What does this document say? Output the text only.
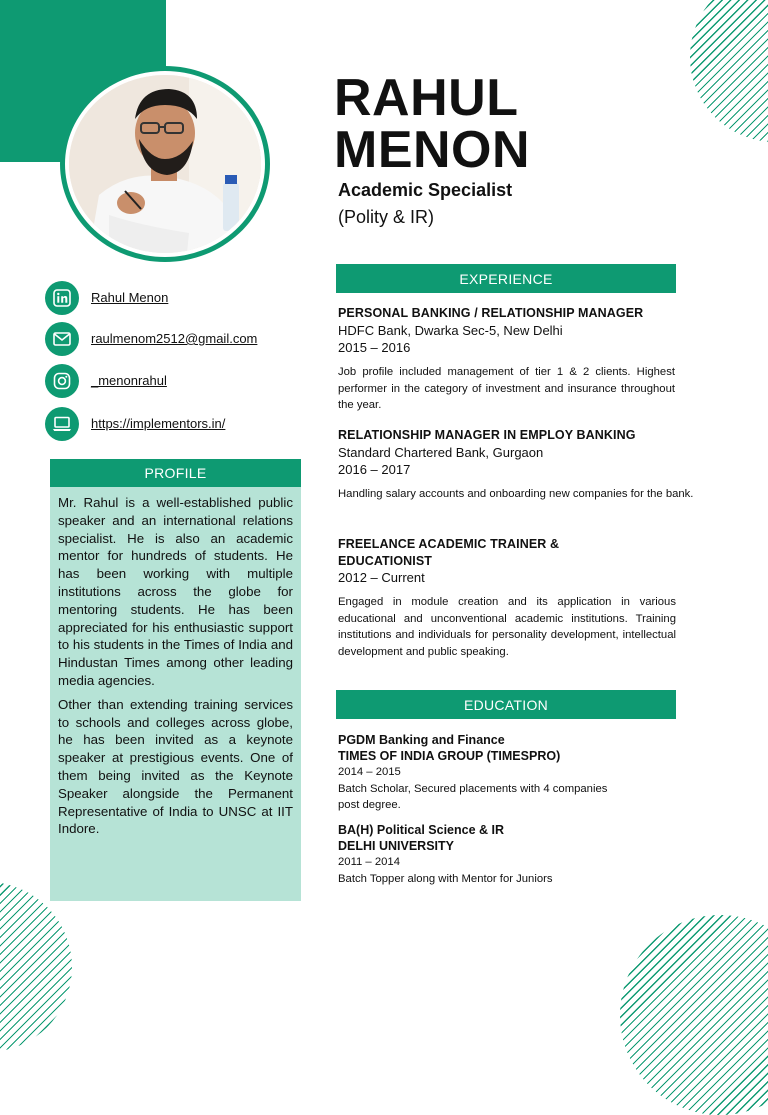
RAHUL
MENON
Academic Specialist
(Polity & IR)
Rahul Menon
raulmenom2512@gmail.com
_menonrahul
https://implementors.in/
PROFILE

Mr. Rahul is a well-established public speaker and an international relations specialist. He is also an academic mentor for hundreds of students. He has been working with multiple institutions across the globe for mentoring students. He has been appreciated for his enthusiastic support to his students in the Times of India and Hindustan Times among other leading media agencies.

Other than extending training services to schools and colleges across globe, he has been invited as a keynote speaker at prestigious events. One of them being invited as the Keynote Speaker alongside the Permanent Representative of India to UNSC at IIT Indore.

EXPERIENCE
PERSONAL BANKING / RELATIONSHIP MANAGER
HDFC Bank, Dwarka Sec-5, New Delhi
2015 – 2016
Job profile included management of tier 1 & 2 clients. Highest performer in the category of investment and insurance throughout the year.
RELATIONSHIP MANAGER IN EMPLOY BANKING
Standard Chartered Bank, Gurgaon
2016 – 2017
Handling salary accounts and onboarding new companies for the bank.
FREELANCE ACADEMIC TRAINER &
EDUCATIONIST
2012 – Current
Engaged in module creation and its application in various educational and unconventional academic institutions. Training institutions and individuals for personality development, intellectual development and public speaking.
EDUCATION
PGDM Banking and Finance
TIMES OF INDIA GROUP (TIMESPRO)
2014 – 2015
Batch Scholar, Secured placements with 4 companies post degree.
BA(H) Political Science & IR
DELHI UNIVERSITY
2011 – 2014
Batch Topper along with Mentor for Juniors
